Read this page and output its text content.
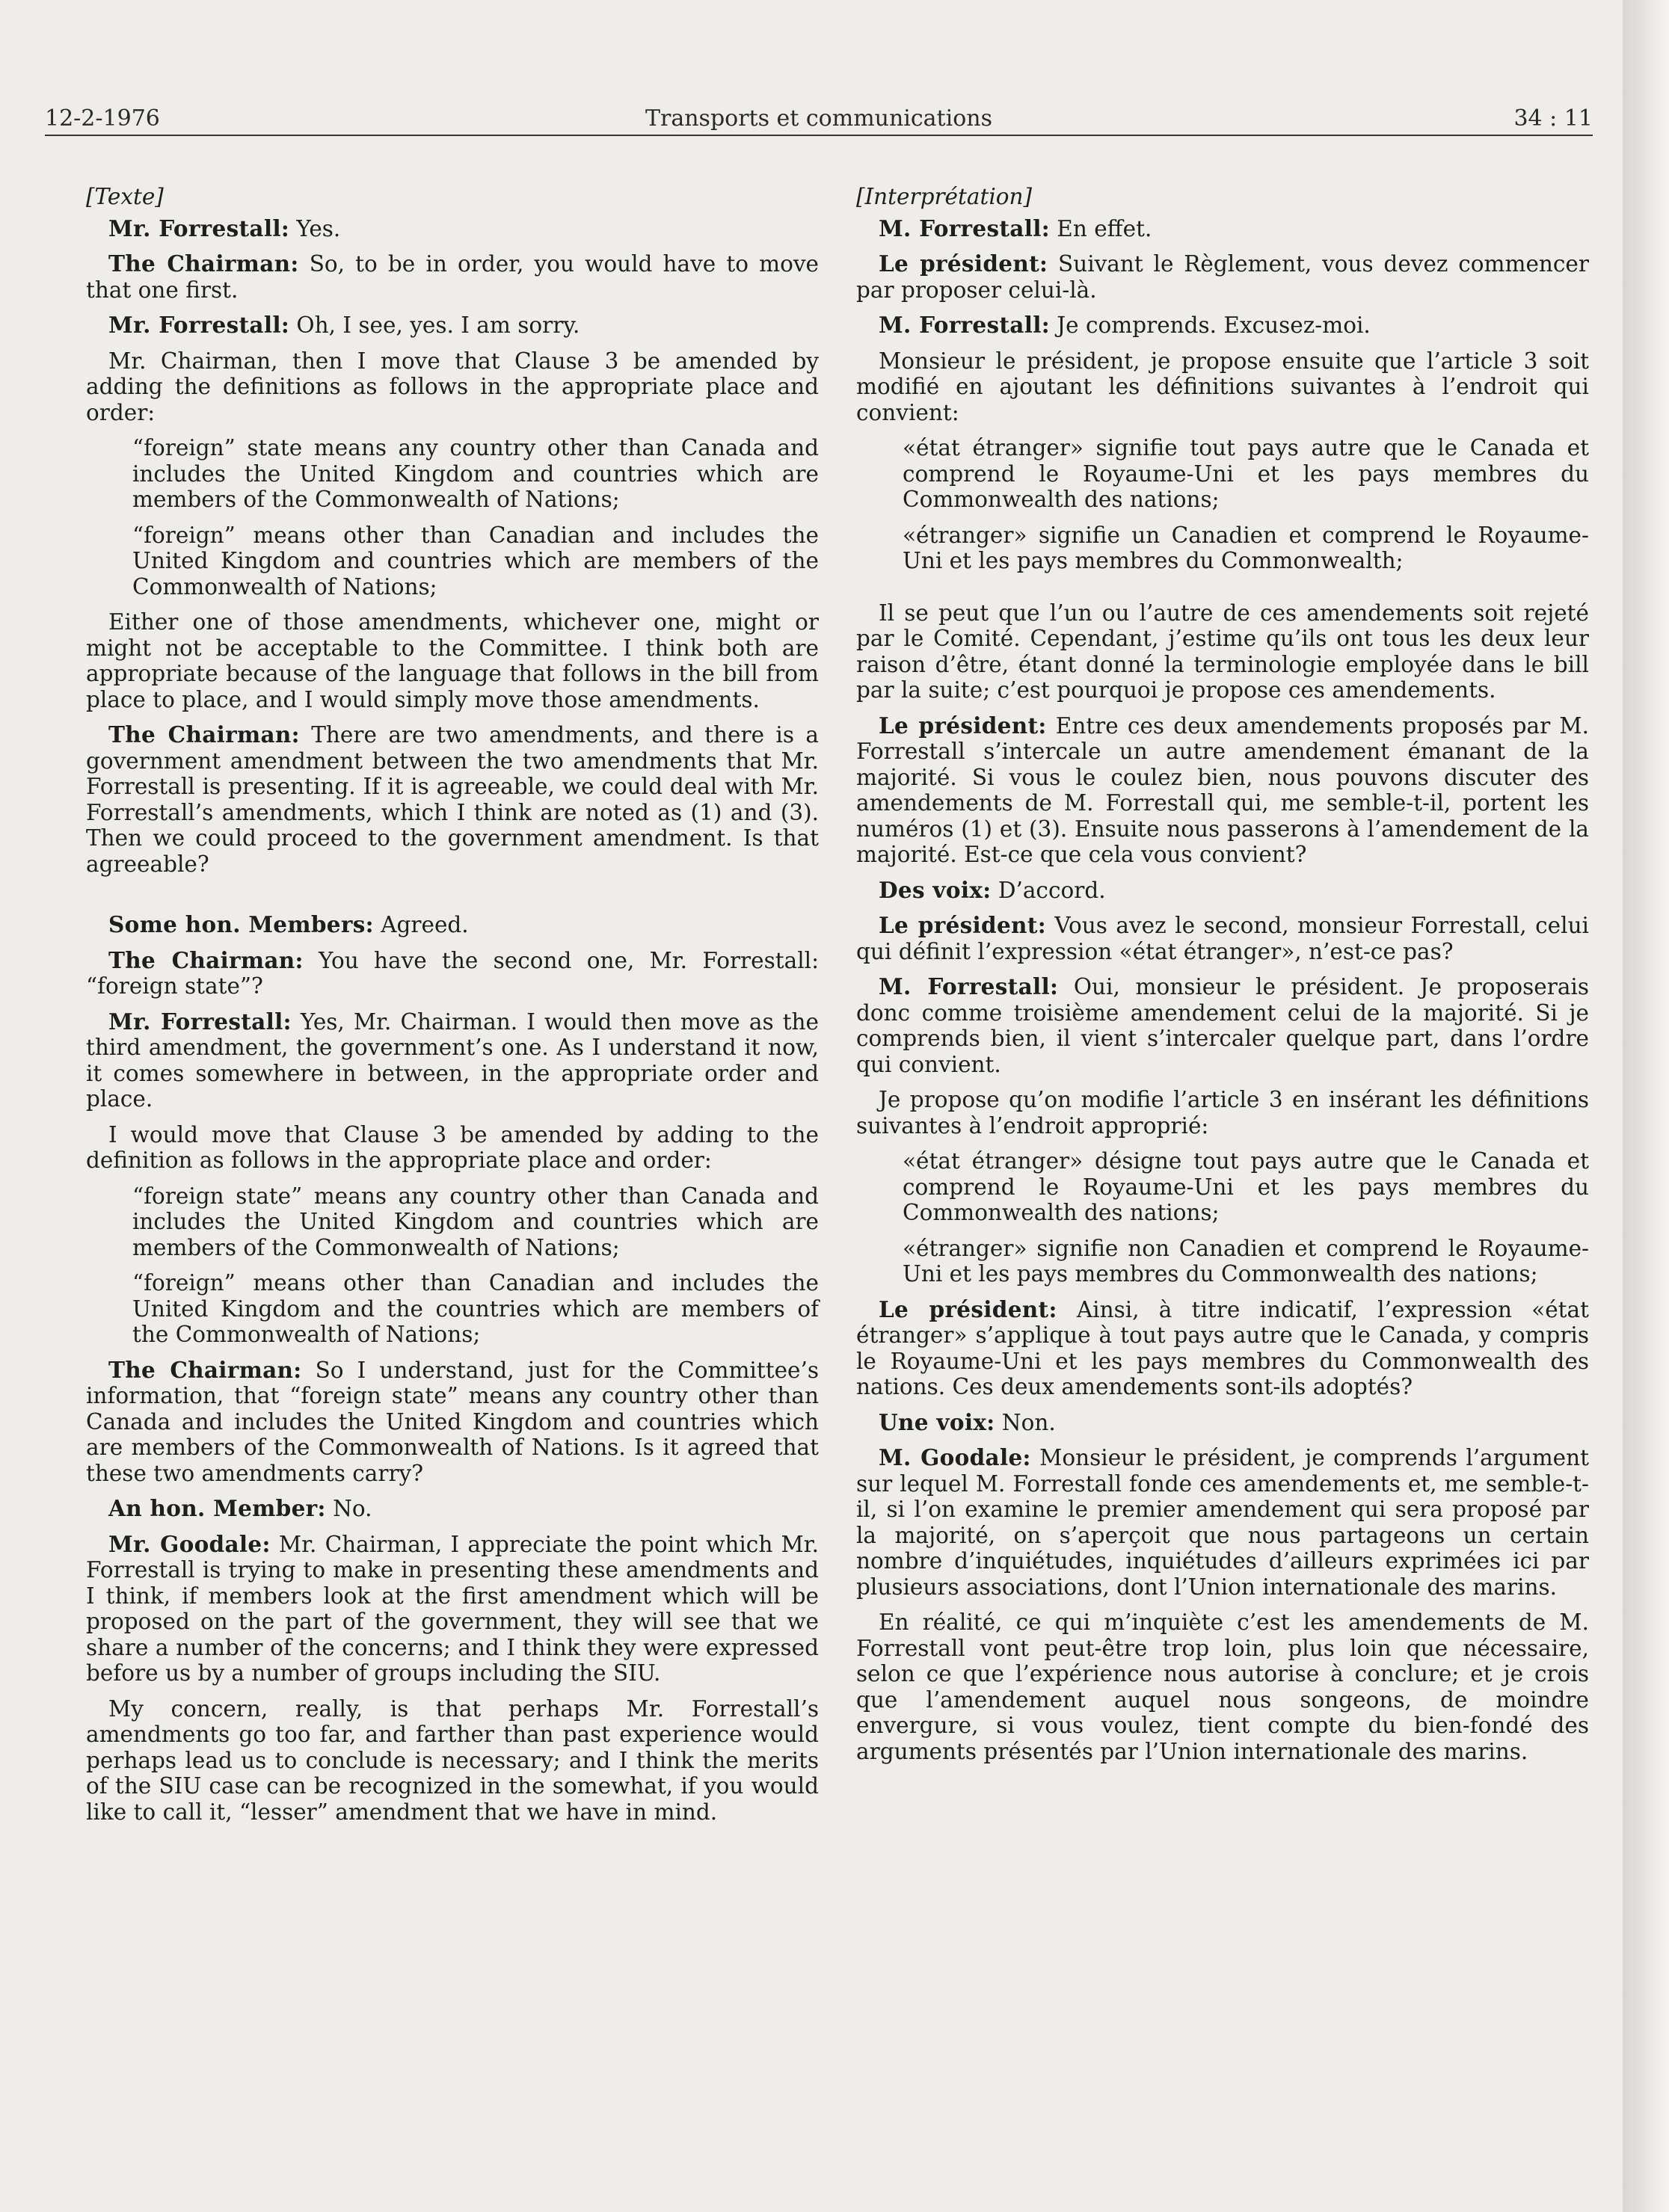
12-2-1976	Transports et communications	34 : 11

[Texte]

Mr. Forrestall: Yes.

The Chairman: So, to be in order, you would have to move that one first.

Mr. Forrestall: Oh, I see, yes. I am sorry.

Mr. Chairman, then I move that Clause 3 be amended by adding the definitions as follows in the appropriate place and order:

“foreign” state means any country other than Canada and includes the United Kingdom and countries which are members of the Commonwealth of Nations;

“foreign” means other than Canadian and includes the United Kingdom and countries which are members of the Commonwealth of Nations;

Either one of those amendments, whichever one, might or might not be acceptable to the Committee. I think both are appropriate because of the language that follows in the bill from place to place, and I would simply move those amendments.

The Chairman: There are two amendments, and there is a government amendment between the two amendments that Mr. Forrestall is presenting. If it is agreeable, we could deal with Mr. Forrestall’s amendments, which I think are noted as (1) and (3). Then we could proceed to the government amendment. Is that agreeable?

Some hon. Members: Agreed.

The Chairman: You have the second one, Mr. Forrestall: “foreign state”?

Mr. Forrestall: Yes, Mr. Chairman. I would then move as the third amendment, the government’s one. As I understand it now, it comes somewhere in between, in the appropriate order and place.

I would move that Clause 3 be amended by adding to the definition as follows in the appropriate place and order:

“foreign state” means any country other than Canada and includes the United Kingdom and countries which are members of the Commonwealth of Nations;

“foreign” means other than Canadian and includes the United Kingdom and the countries which are members of the Commonwealth of Nations;

The Chairman: So I understand, just for the Committee’s information, that “foreign state” means any country other than Canada and includes the United Kingdom and countries which are members of the Commonwealth of Nations. Is it agreed that these two amendments carry?

An hon. Member: No.

Mr. Goodale: Mr. Chairman, I appreciate the point which Mr. Forrestall is trying to make in presenting these amendments and I think, if members look at the first amendment which will be proposed on the part of the government, they will see that we share a number of the concerns; and I think they were expressed before us by a number of groups including the SIU.

My concern, really, is that perhaps Mr. Forrestall’s amendments go too far, and farther than past experience would perhaps lead us to conclude is necessary; and I think the merits of the SIU case can be recognized in the somewhat, if you would like to call it, “lesser” amendment that we have in mind.

[Interprétation]

M. Forrestall: En effet.

Le président: Suivant le Règlement, vous devez commencer par proposer celui-là.

M. Forrestall: Je comprends. Excusez-moi.

Monsieur le président, je propose ensuite que l’article 3 soit modifié en ajoutant les définitions suivantes à l’endroit qui convient:

«état étranger» signifie tout pays autre que le Canada et comprend le Royaume-Uni et les pays membres du Commonwealth des nations;

«étranger» signifie un Canadien et comprend le Royaume-Uni et les pays membres du Commonwealth;

Il se peut que l’un ou l’autre de ces amendements soit rejeté par le Comité. Cependant, j’estime qu’ils ont tous les deux leur raison d’être, étant donné la terminologie employée dans le bill par la suite; c’est pourquoi je propose ces amendements.

Le président: Entre ces deux amendements proposés par M. Forrestall s’intercale un autre amendement émanant de la majorité. Si vous le coulez bien, nous pouvons discuter des amendements de M. Forrestall qui, me semble-t-il, portent les numéros (1) et (3). Ensuite nous passerons à l’amendement de la majorité. Est-ce que cela vous convient?

Des voix: D’accord.

Le président: Vous avez le second, monsieur Forrestall, celui qui définit l’expression «état étranger», n’est-ce pas?

M. Forrestall: Oui, monsieur le président. Je proposerais donc comme troisième amendement celui de la majorité. Si je comprends bien, il vient s’intercaler quelque part, dans l’ordre qui convient.

Je propose qu’on modifie l’article 3 en insérant les définitions suivantes à l’endroit approprié:

«état étranger» désigne tout pays autre que le Canada et comprend le Royaume-Uni et les pays membres du Commonwealth des nations;

«étranger» signifie non Canadien et comprend le Royaume-Uni et les pays membres du Commonwealth des nations;

Le président: Ainsi, à titre indicatif, l’expression «état étranger» s’applique à tout pays autre que le Canada, y compris le Royaume-Uni et les pays membres du Commonwealth des nations. Ces deux amendements sont-ils adoptés?

Une voix: Non.

M. Goodale: Monsieur le président, je comprends l’argument sur lequel M. Forrestall fonde ces amendements et, me semble-t-il, si l’on examine le premier amendement qui sera proposé par la majorité, on s’aperçoit que nous partageons un certain nombre d’inquiétudes, inquiétudes d’ailleurs exprimées ici par plusieurs associations, dont l’Union internationale des marins.

En réalité, ce qui m’inquiète c’est les amendements de M. Forrestall vont peut-être trop loin, plus loin que nécessaire, selon ce que l’expérience nous autorise à conclure; et je crois que l’amendement auquel nous songeons, de moindre envergure, si vous voulez, tient compte du bien-fondé des arguments présentés par l’Union internationale des marins.
